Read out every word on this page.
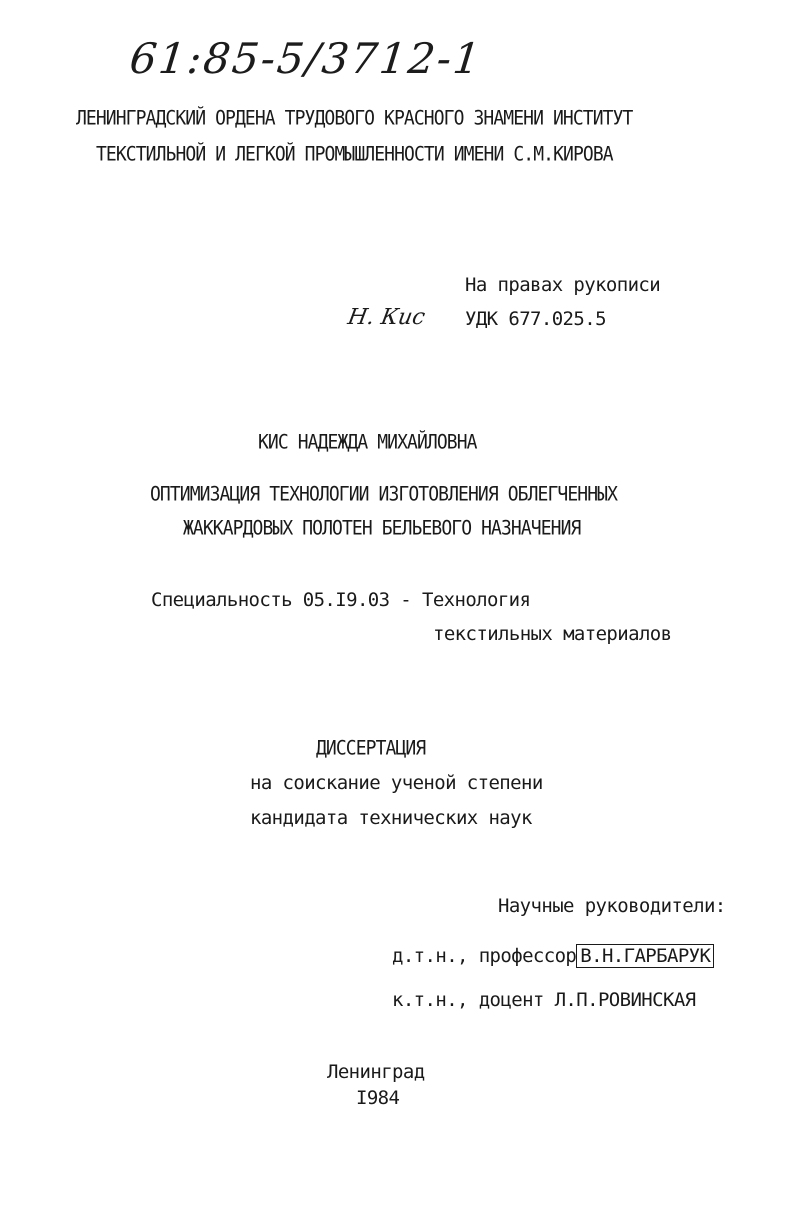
61:85-5/3712-1
ЛЕНИНГРАДСКИЙ ОРДЕНА ТРУДОВОГО КРАСНОГО ЗНАМЕНИ ИНСТИТУТ
ТЕКСТИЛЬНОЙ И ЛЕГКОЙ ПРОМЫШЛЕННОСТИ ИМЕНИ С.М.КИРОВА
На правах рукописи
Н. Кис УДК 677.025.5
КИС НАДЕЖДА МИХАЙЛОВНА
ОПТИМИЗАЦИЯ ТЕХНОЛОГИИ ИЗГОТОВЛЕНИЯ ОБЛЕГЧЕННЫХ
ЖАККАРДОВЫХ ПОЛОТЕН БЕЛЬЕВОГО НАЗНАЧЕНИЯ
Специальность 05.I9.03 - Технология
текстильных материалов
ДИССЕРТАЦИЯ
на соискание ученой степени
кандидата технических наук
Научные руководители:
д.т.н., профессор В.Н.ГАРБАРУК
к.т.н., доцент Л.П.РОВИНСКАЯ
Ленинград
I984
